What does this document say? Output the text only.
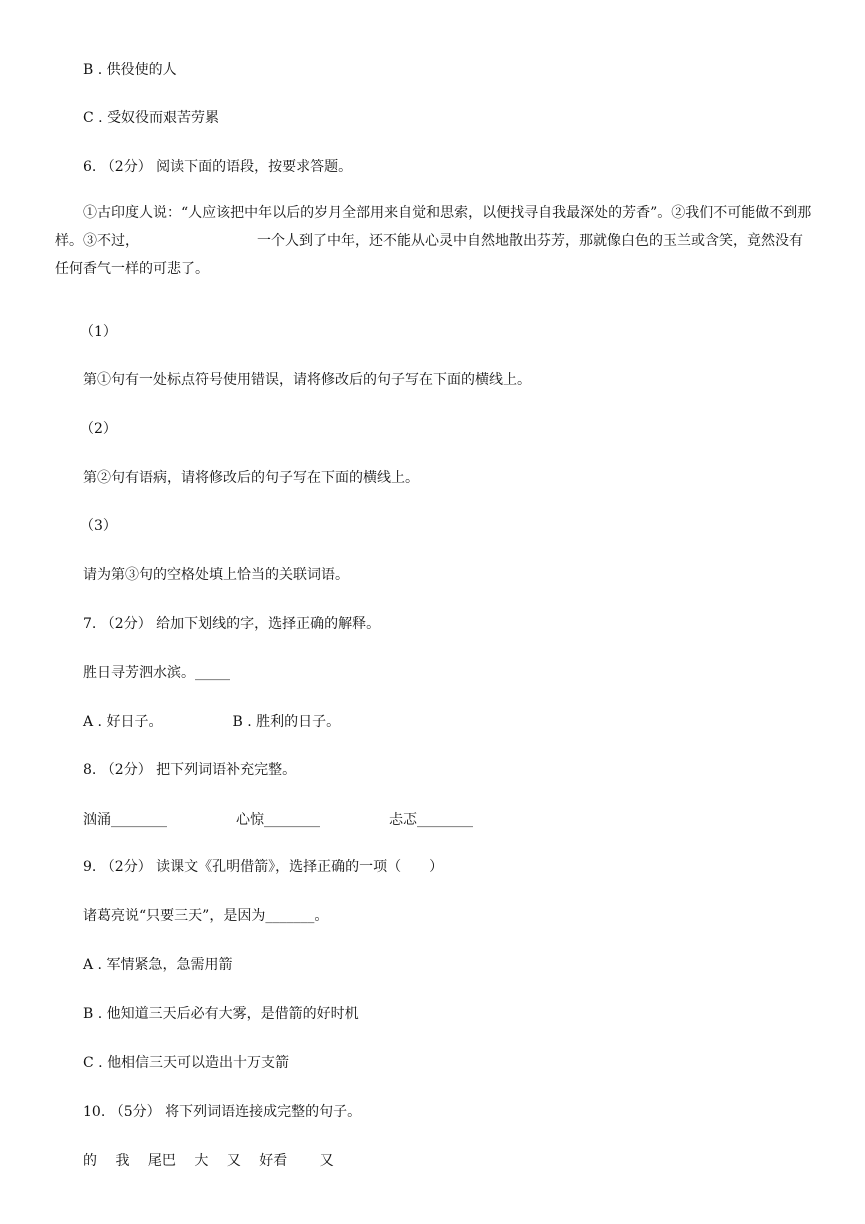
B . 供役使的人
C . 受奴役而艰苦劳累
6. （2分） 阅读下面的语段，按要求答题。
①古印度人说：“人应该把中年以后的岁月全部用来自觉和思索，以便找寻自我最深处的芳香”。②我们不可能做不到那样。③不过，	一个人到了中年，还不能从心灵中自然地散出芬芳，那就像白色的玉兰或含笑，竟然没有任何香气一样的可悲了。
（1）
第①句有一处标点符号使用错误，请将修改后的句子写在下面的横线上。
（2）
第②句有语病，请将修改后的句子写在下面的横线上。
（3）
请为第③句的空格处填上恰当的关联词语。
7. （2分） 给加下划线的字，选择正确的解释。
胜日寻芳泗水滨。_____
A . 好日子。	B . 胜利的日子。
8. （2分） 把下列词语补充完整。
汹涌________	心惊________	忐忑________
9. （2分） 读课文《孔明借箭》，选择正确的一项（　　）
诸葛亮说“只要三天”，是因为_______。
A . 军情紧急，急需用箭
B . 他知道三天后必有大雾，是借箭的好时机
C . 他相信三天可以造出十万支箭
10. （5分） 将下列词语连接成完整的句子。
的 我 尾巴 大 又 好看 又
